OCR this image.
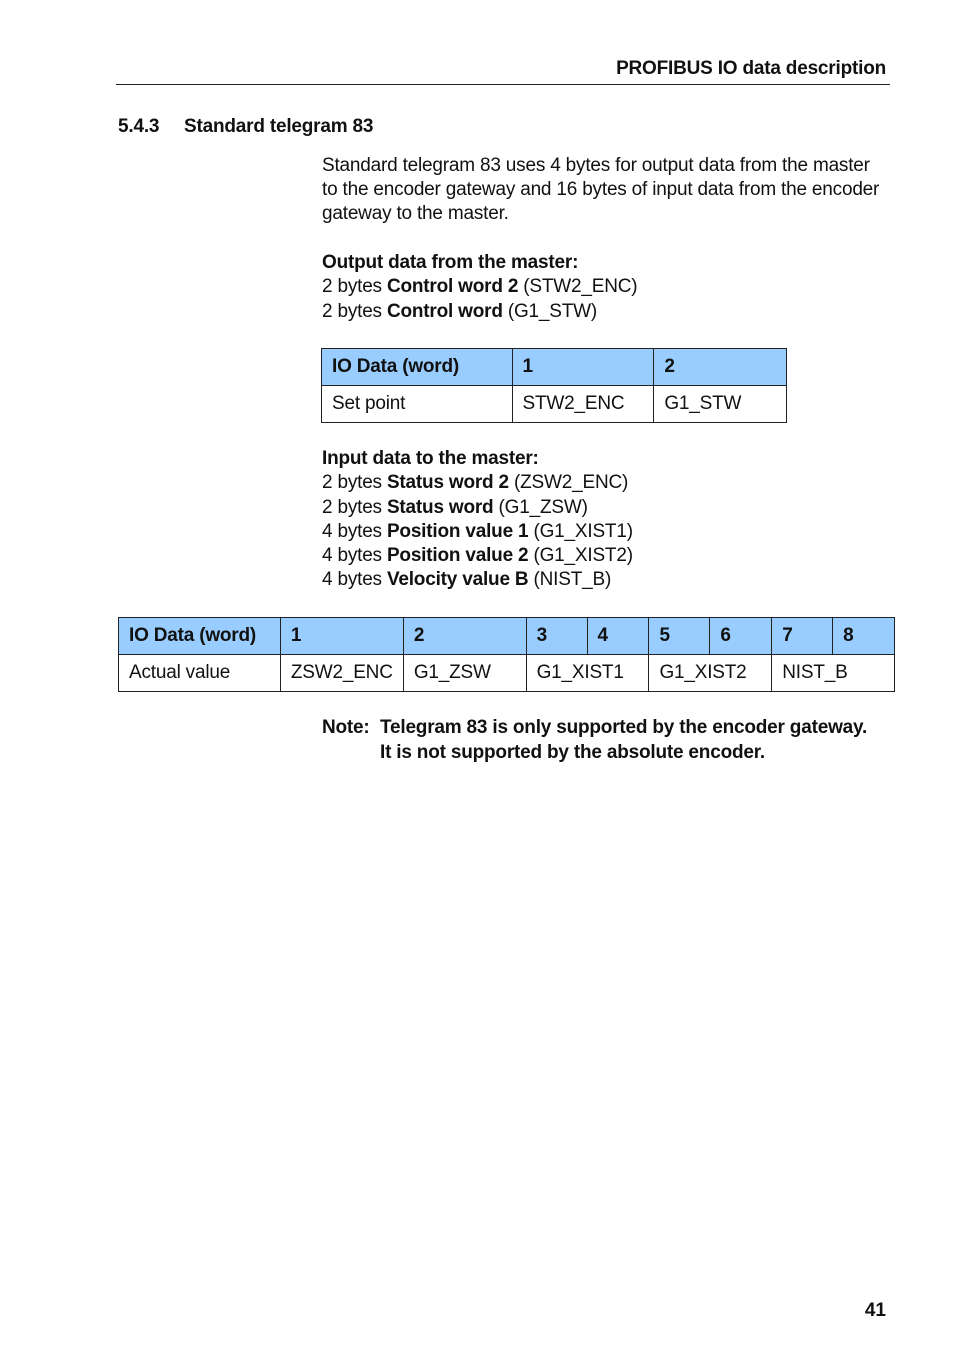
PROFIBUS IO data description
5.4.3 Standard telegram 83
Standard telegram 83 uses 4 bytes for output data from the master to the encoder gateway and 16 bytes of input data from the encoder gateway to the master.
Output data from the master:
2 bytes Control word 2 (STW2_ENC)
2 bytes Control word (G1_STW)
IO Data (word)	1	2
Set point	STW2_ENC	G1_STW
Input data to the master:
2 bytes Status word 2 (ZSW2_ENC)
2 bytes Status word (G1_ZSW)
4 bytes Position value 1 (G1_XIST1)
4 bytes Position value 2 (G1_XIST2)
4 bytes Velocity value B (NIST_B)
IO Data (word)	1	2	3	4	5	6	7	8
Actual value	ZSW2_ENC	G1_ZSW	G1_XIST1		G1_XIST2		NIST_B	
Note: Telegram 83 is only supported by the encoder gateway.
It is not supported by the absolute encoder.
41
